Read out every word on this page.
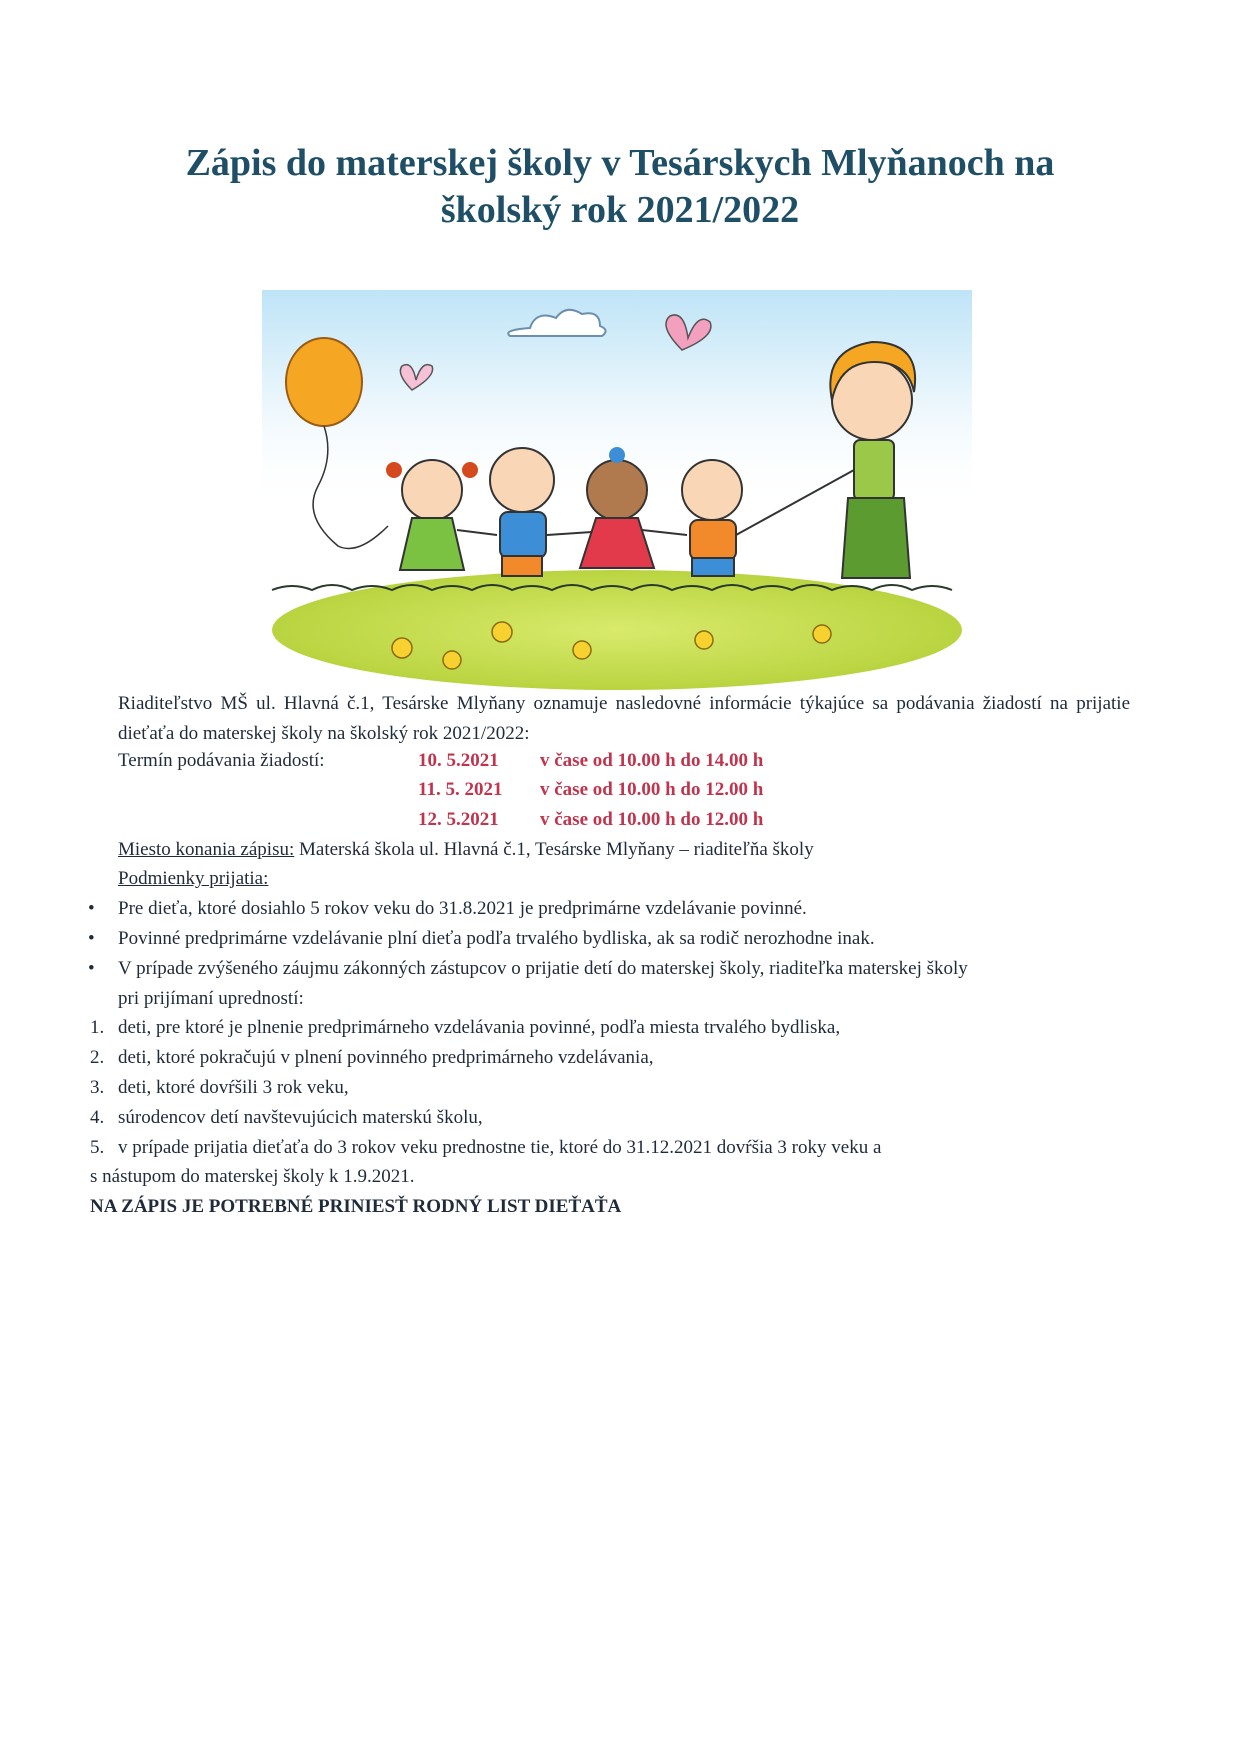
Zápis do materskej školy v Tesárskych Mlyňanoch na
školský rok 2021/2022
Riaditeľstvo MŠ ul. Hlavná č.1, Tesárske Mlyňany oznamuje nasledovné informácie týkajúce sa podávania žiadostí na prijatie dieťaťa do materskej školy na školský rok 2021/2022:
Termín podávania žiadostí:	10. 5.2021 v čase od 10.00 h do 14.00 h
11. 5. 2021 v čase od 10.00 h do 12.00 h
12. 5.2021 v čase od 10.00 h do 12.00 h
Miesto konania zápisu: Materská škola ul. Hlavná č.1, Tesárske Mlyňany – riaditeľňa školy
Podmienky prijatia:
• Pre dieťa, ktoré dosiahlo 5 rokov veku do 31.8.2021 je predprimárne vzdelávanie povinné.
• Povinné predprimárne vzdelávanie plní dieťa podľa trvalého bydliska, ak sa rodič nerozhodne inak.
• V prípade zvýšeného záujmu zákonných zástupcov o prijatie detí do materskej školy, riaditeľka materskej školy
pri prijímaní upredností:
1. deti, pre ktoré je plnenie predprimárneho vzdelávania povinné, podľa miesta trvalého bydliska,
2. deti, ktoré pokračujú v plnení povinného predprimárneho vzdelávania,
3. deti, ktoré dovŕšili 3 rok veku,
4. súrodencov detí navštevujúcich materskú školu,
5. v prípade prijatia dieťaťa do 3 rokov veku prednostne tie, ktoré do 31.12.2021 dovŕšia 3 roky veku a
s nástupom do materskej školy k 1.9.2021.
NA ZÁPIS JE POTREBNÉ PRINIESŤ RODNÝ LIST DIEŤAŤA
